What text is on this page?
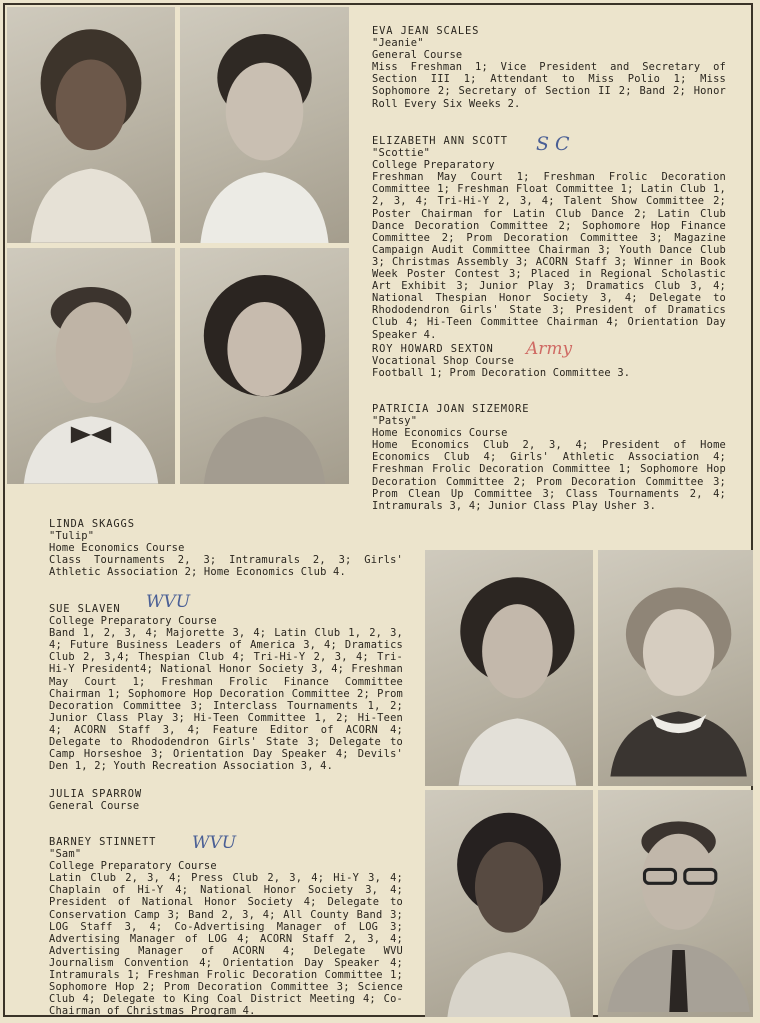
EVA JEAN SCALES
"Jeanie"
General Course

Miss Freshman 1; Vice President and Secretary of Section III 1; Attendant to Miss Polio 1; Miss Sophomore 2; Secretary of Section II 2; Band 2; Honor Roll Every Six Weeks 2.

ELIZABETH ANN SCOTT
"Scottie"
College Preparatory

Freshman May Court 1; Freshman Frolic Decoration Committee 1; Freshman Float Committee 1; Latin Club 1, 2, 3, 4; Tri-Hi-Y 2, 3, 4; Talent Show Committee 2; Poster Chairman for Latin Club Dance 2; Latin Club Dance Decoration Committee 2; Sophomore Hop Finance Committee 2; Prom Decoration Committee 3; Magazine Campaign Audit Committee Chairman 3; Youth Dance Club 3; Christmas Assembly 3; ACORN Staff 3; Winner in Book Week Poster Contest 3; Placed in Regional Scholastic Art Exhibit 3; Junior Play 3; Dramatics Club 3, 4; National Thespian Honor Society 3, 4; Delegate to Rhododendron Girls' State 3; President of Dramatics Club 4; Hi-Teen Committee Chairman 4; Orientation Day Speaker 4.

S C
ROY HOWARD SEXTON
Vocational Shop Course

Football 1; Prom Decoration Committee 3.

Army
PATRICIA JOAN SIZEMORE
"Patsy"
Home Economics Course

Home Economics Club 2, 3, 4; President of Home Economics Club 4; Girls' Athletic Association 4; Freshman Frolic Decoration Committee 1; Sophomore Hop Decoration Committee 2; Prom Decoration Committee 3; Prom Clean Up Committee 3; Class Tournaments 2, 4; Intramurals 3, 4; Junior Class Play Usher 3.

LINDA SKAGGS
"Tulip"
Home Economics Course

Class Tournaments 2, 3; Intramurals 2, 3; Girls' Athletic Association 2; Home Economics Club 4.

SUE SLAVEN
College Preparatory Course

Band 1, 2, 3, 4; Majorette 3, 4; Latin Club 1, 2, 3, 4; Future Business Leaders of America 3, 4; Dramatics Club 2, 3,4; Thespian Club 4; Tri-Hi-Y 2, 3, 4; Tri-Hi-Y President4; National Honor Society 3, 4; Freshman May Court 1; Freshman Frolic Finance Committee Chairman 1; Sophomore Hop Decoration Committee 2; Prom Decoration Committee 3; Interclass Tournaments 1, 2; Junior Class Play 3; Hi-Teen Committee 1, 2; Hi-Teen 4; ACORN Staff 3, 4; Feature Editor of ACORN 4; Delegate to Rhododendron Girls' State 3; Delegate to Camp Horseshoe 3; Orientation Day Speaker 4; Devils' Den 1, 2; Youth Recreation Association 3, 4.

WVU
JULIA SPARROW
General Course
BARNEY STINNETT
"Sam"
College Preparatory Course

Latin Club 2, 3, 4; Press Club 2, 3, 4; Hi-Y 3, 4; Chaplain of Hi-Y 4; National Honor Society 3, 4; President of National Honor Society 4; Delegate to Conservation Camp 3; Band 2, 3, 4; All County Band 3; LOG Staff 3, 4; Co-Advertising Manager of LOG 3; Advertising Manager of LOG 4; ACORN Staff 2, 3, 4; Advertising Manager of ACORN 4; Delegate WVU Journalism Convention 4; Orientation Day Speaker 4; Intramurals 1; Freshman Frolic Decoration Committee 1; Sophomore Hop 2; Prom Decoration Committee 3; Science Club 4; Delegate to King Coal District Meeting 4; Co-Chairman of Christmas Program 4.

WVU
